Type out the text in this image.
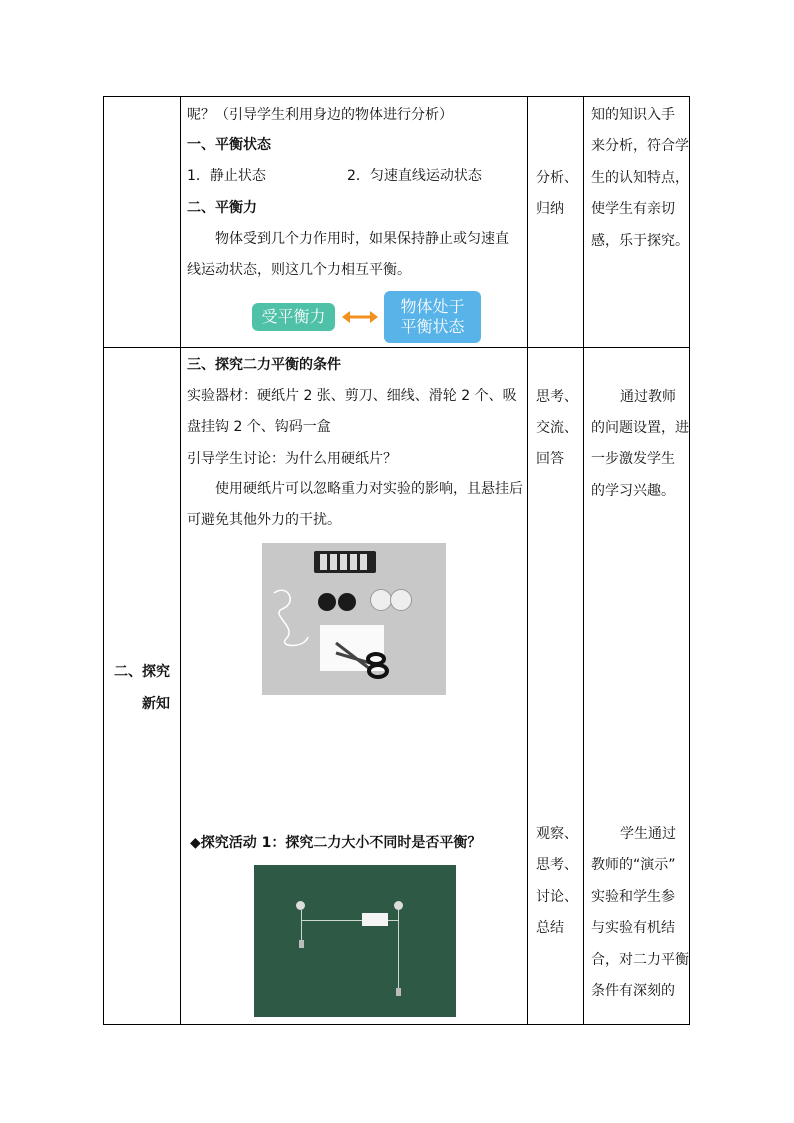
呢？（引导学生利用身边的物体进行分析）
一、平衡状态
1．静止状态	2．匀速直线运动状态
二、平衡力
物体受到几个力作用时，如果保持静止或匀速直线运动状态，则这几个力相互平衡。
受平衡力
物体处于
平衡状态
分析、
归纳
知的知识入手
来分析，符合学
生的认知特点，
使学生有亲切
感，乐于探究。
二、探究
新知
三、探究二力平衡的条件
实验器材：硬纸片 2 张、剪刀、细线、滑轮 2 个、吸盘挂钩 2 个、钩码一盒
引导学生讨论：为什么用硬纸片？
使用硬纸片可以忽略重力对实验的影响，且悬挂后可避免其他外力的干扰。
思考、
交流、
回答
通过教师
的问题设置，进
一步激发学生
的学习兴趣。
◆探究活动 1：探究二力大小不同时是否平衡？
观察、
思考、
讨论、
总结
学生通过
教师的“演示”
实验和学生参
与实验有机结
合，对二力平衡
条件有深刻的
